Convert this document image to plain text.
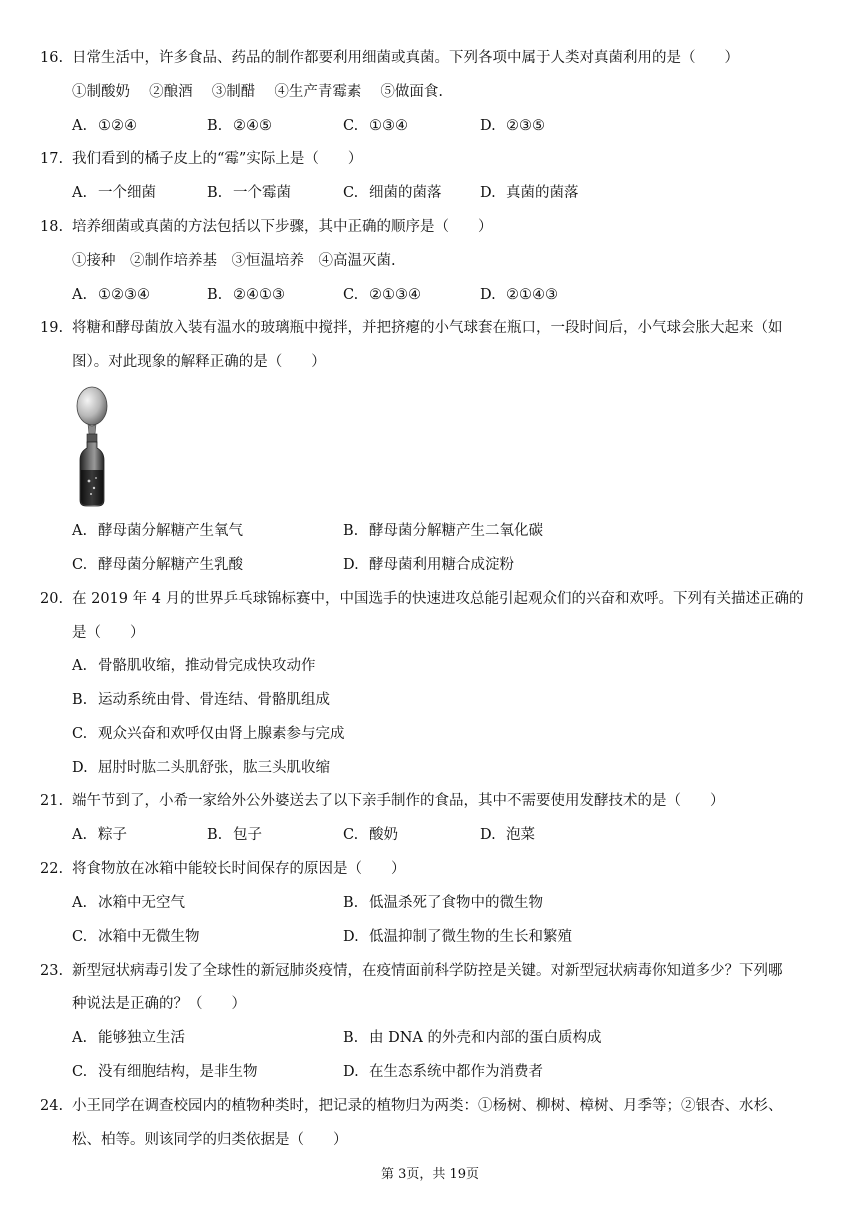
16. 日常生活中，许多食品、药品的制作都要利用细菌或真菌。下列各项中属于人类对真菌利用的是（　　）
①制酸奶　 ②酿酒　 ③制醋　 ④生产青霉素　 ⑤做面食.
A. ①②④	B. ②④⑤	C. ①③④	D. ②③⑤
17. 我们看到的橘子皮上的“霉”实际上是（　　）
A. 一个细菌	B. 一个霉菌	C. 细菌的菌落	D. 真菌的菌落
18. 培养细菌或真菌的方法包括以下步骤，其中正确的顺序是（　　）
①接种　②制作培养基　③恒温培养　④高温灭菌.
A. ①②③④	B. ②④①③	C. ②①③④	D. ②①④③
19. 将糖和酵母菌放入装有温水的玻璃瓶中搅拌，并把挤瘪的小气球套在瓶口，一段时间后，小气球会胀大起来（如
图）。对此现象的解释正确的是（　　）
A. 酵母菌分解糖产生氧气	B. 酵母菌分解糖产生二氧化碳
C. 酵母菌分解糖产生乳酸	D. 酵母菌利用糖合成淀粉
20. 在 2019 年 4 月的世界乒乓球锦标赛中，中国选手的快速进攻总能引起观众们的兴奋和欢呼。下列有关描述正确的
是（　　）
A. 骨骼肌收缩，推动骨完成快攻动作
B. 运动系统由骨、骨连结、骨骼肌组成
C. 观众兴奋和欢呼仅由肾上腺素参与完成
D. 屈肘时肱二头肌舒张，肱三头肌收缩
21. 端午节到了，小希一家给外公外婆送去了以下亲手制作的食品，其中不需要使用发酵技术的是（　　）
A. 粽子	B. 包子	C. 酸奶	D. 泡菜
22. 将食物放在冰箱中能较长时间保存的原因是（　　）
A. 冰箱中无空气	B. 低温杀死了食物中的微生物
C. 冰箱中无微生物	D. 低温抑制了微生物的生长和繁殖
23. 新型冠状病毒引发了全球性的新冠肺炎疫情，在疫情面前科学防控是关键。对新型冠状病毒你知道多少？下列哪
种说法是正确的？（　　）
A. 能够独立生活	B. 由 DNA 的外壳和内部的蛋白质构成
C. 没有细胞结构，是非生物	D. 在生态系统中都作为消费者
24. 小王同学在调查校园内的植物种类时，把记录的植物归为两类：①杨树、柳树、樟树、月季等；②银杏、水杉、
松、柏等。则该同学的归类依据是（　　）
第 3页，共 19页
